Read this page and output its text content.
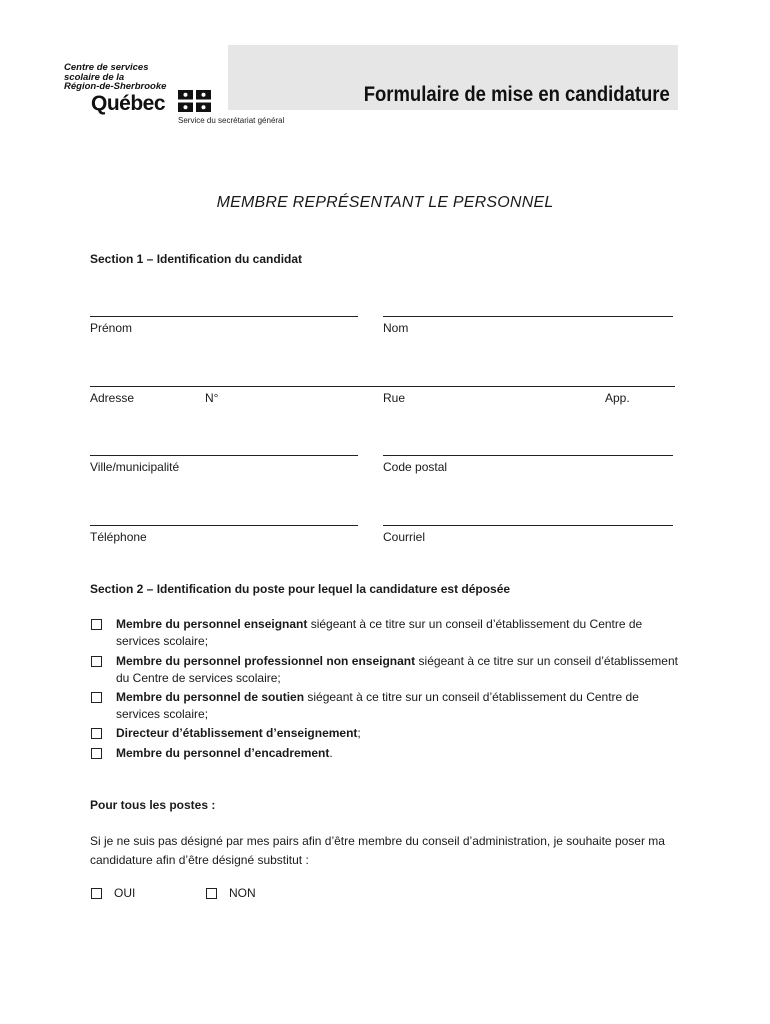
Centre de services
scolaire de la
Région-de-Sherbrooke
Québec
Service du secrétariat général
Formulaire de mise en candidature
MEMBRE REPRÉSENTANT LE PERSONNEL
Section 1 – Identification du candidat
Prénom	Nom
Adresse	N°	Rue	App.
Ville/municipalité	Code postal
Téléphone	Courriel
Section 2 – Identification du poste pour lequel la candidature est déposée
Membre du personnel enseignant siégeant à ce titre sur un conseil d’établissement du Centre de services scolaire;
Membre du personnel professionnel non enseignant siégeant à ce titre sur un conseil d’établissement du Centre de services scolaire;
Membre du personnel de soutien siégeant à ce titre sur un conseil d’établissement du Centre de services scolaire;
Directeur d’établissement d’enseignement;
Membre du personnel d’encadrement.
Pour tous les postes :
Si je ne suis pas désigné par mes pairs afin d’être membre du conseil d’administration, je souhaite poser ma candidature afin d’être désigné substitut :
OUI	NON
